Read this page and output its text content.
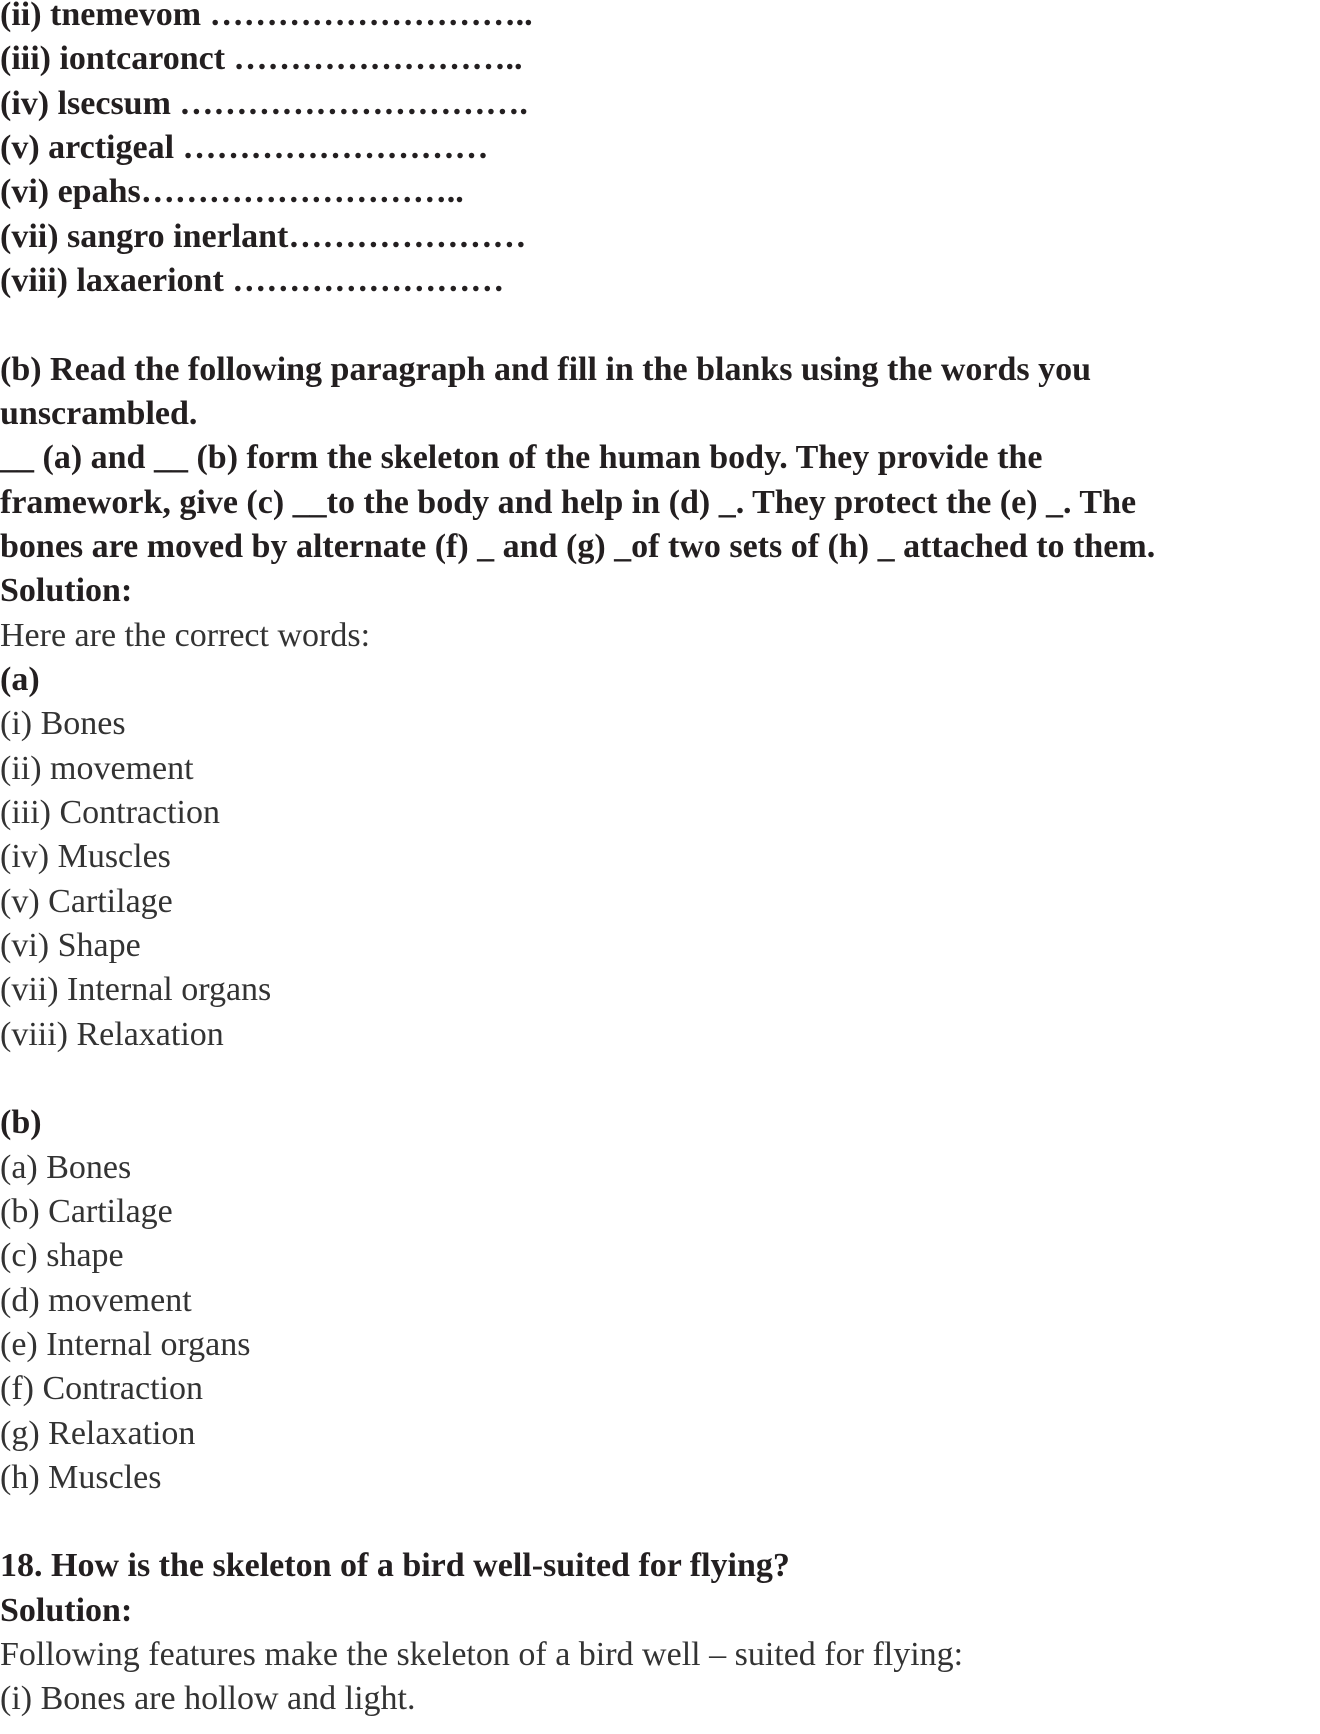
(ii) tnemevom ………………………..
(iii) iontcaronct ……………………..
(iv) lsecsum ………………………….
(v) arctigeal ………………………
(vi) epahs………………………..
(vii) sangro inerlant…………………
(viii) laxaeriont ……………………
(b) Read the following paragraph and fill in the blanks using the words you
unscrambled.
__ (a) and __ (b) form the skeleton of the human body. They provide the
framework, give (c) __to the body and help in (d) _. They protect the (e) _. The
bones are moved by alternate (f) _ and (g) _of two sets of (h) _ attached to them.
Solution:
Here are the correct words:
(a)
(i) Bones
(ii) movement
(iii) Contraction
(iv) Muscles
(v) Cartilage
(vi) Shape
(vii) Internal organs
(viii) Relaxation
(b)
(a) Bones
(b) Cartilage
(c) shape
(d) movement
(e) Internal organs
(f) Contraction
(g) Relaxation
(h) Muscles
18. How is the skeleton of a bird well-suited for flying?
Solution:
Following features make the skeleton of a bird well – suited for flying:
(i) Bones are hollow and light.
